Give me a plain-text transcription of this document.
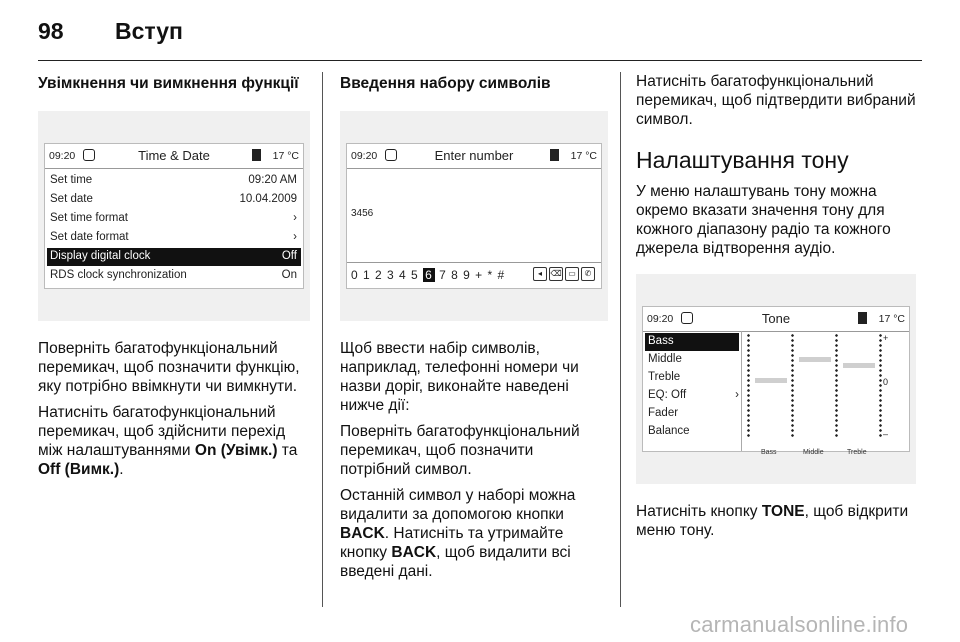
98 Вступ
Увімкнення чи вимкнення функції
09:20	Time & Date	17 °C
Set time	09:20 AM
Set date	10.04.2009
Set time format	›
Set date format	›
Display digital clock	Off
RDS clock synchronization	On

Поверніть багатофункціональний перемикач, щоб позначити функцію, яку потрібно ввімкнути чи вимкнути.

Натисніть багатофункціональний перемикач, щоб здійснити перехід між налаштуваннями On (Увімк.) та Off (Вимк.).

Введення набору символів
09:20	Enter number	17 °C
3456
0 1 2 3 4 5 6 7 8 9 + * #	◂	⌫ ▭	✆

Щоб ввести набір символів, наприклад, телефонні номери чи назви доріг, виконайте наведені нижче дії:

Поверніть багатофункціональний перемикач, щоб позначити потрібний символ.

Останній символ у наборі можна видалити за допомогою кнопки BACK. Натисніть та утримайте кнопку BACK, щоб видалити всі введені дані.

Натисніть багатофункціональний перемикач, щоб підтвердити вибраний символ.

Налаштування тону

У меню налаштувань тону можна окремо вказати значення тону для кожного діапазону радіо та кожного джерела відтворення аудіо.

09:20	Tone	17 °C
Bass
Middle
Treble
EQ: Off	›
Fader
Balance
+
0
–
Bass	Middle	Treble

Натисніть кнопку TONE, щоб відкрити меню тону.

carmanualsonline.info
